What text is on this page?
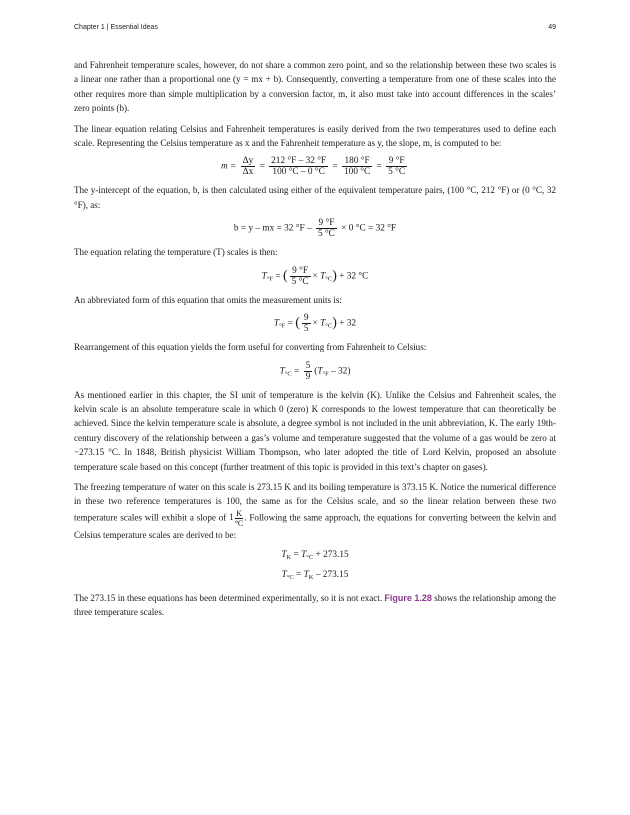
Chapter 1 | Essential Ideas	49

and Fahrenheit temperature scales, however, do not share a common zero point, and so the relationship between these two scales is a linear one rather than a proportional one (y = mx + b). Consequently, converting a temperature from one of these scales into the other requires more than simple multiplication by a conversion factor, m, it also must take into account differences in the scales’ zero points (b).

The linear equation relating Celsius and Fahrenheit temperatures is easily derived from the two temperatures used to define each scale. Representing the Celsius temperature as x and the Fahrenheit temperature as y, the slope, m, is computed to be:

$m = \frac{\Delta y}{\Delta x} = \frac{212 ^\circ F - 32 ^\circ F}{100 ^\circ C - 0 ^\circ C} = \frac{180 ^\circ F}{100 ^\circ C} = \frac{9 ^\circ F}{5 ^\circ C}$

The y-intercept of the equation, b, is then calculated using either of the equivalent temperature pairs, (100 °C, 212 °F) or (0 °C, 32 °F), as:

b = y – mx = 32 $^\circ F - \frac{9 ^\circ F}{5 ^\circ C} \times 0$ °C = 32 °F

The equation relating the temperature (T) scales is then:

$T_{^\circ F}$ = ( $\frac{9 ^\circ F}{5 ^\circ C} \times T_{^\circ C}) + 32$ °C

An abbreviated form of this equation that omits the measurement units is:

$T_{^\circ F}$ = ( $\frac{9}{5} \times T_{^\circ C}) + 32$

Rearrangement of this equation yields the form useful for converting from Fahrenheit to Celsius:

$T_{^\circ C} = \frac{5}{9} (T_{^\circ F} - 32)$

As mentioned earlier in this chapter, the SI unit of temperature is the kelvin (K). Unlike the Celsius and Fahrenheit scales, the kelvin scale is an absolute temperature scale in which 0 (zero) K corresponds to the lowest temperature that can theoretically be achieved. Since the kelvin temperature scale is absolute, a degree symbol is not included in the unit abbreviation, K. The early 19th-century discovery of the relationship between a gas’s volume and temperature suggested that the volume of a gas would be zero at −273.15 °C. In 1848, British physicist William Thompson, who later adopted the title of Lord Kelvin, proposed an absolute temperature scale based on this concept (further treatment of this topic is provided in this text’s chapter on gases).

The freezing temperature of water on this scale is 273.15 K and its boiling temperature is 373.15 K. Notice the numerical difference in these two reference temperatures is 100, the same as for the Celsius scale, and so the linear relation between these two temperature scales will exhibit a slope of $1 \frac{K}{^\circ C}$. Following the same approach, the equations for converting between the kelvin and Celsius temperature scales are derived to be:

$T_K = T_{^\circ C} + 273.15$
$T_{^\circ C} = T_K - 273.15$

The 273.15 in these equations has been determined experimentally, so it is not exact. Figure 1.28 shows the relationship among the three temperature scales.
